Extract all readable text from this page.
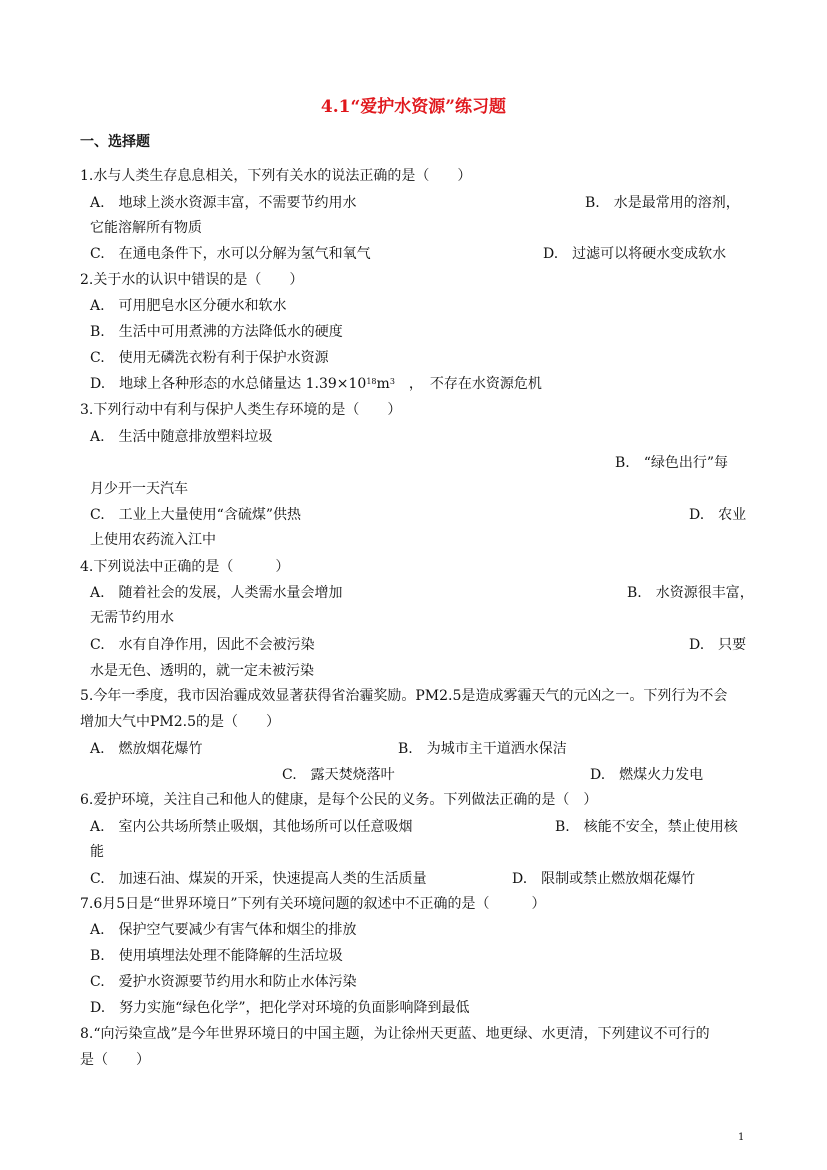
4.1“爱护水资源”练习题
一、选择题
1.水与人类生存息息相关，下列有关水的说法正确的是（　　）
A.　地球上淡水资源丰富，不需要节约用水	B.　水是最常用的溶剂，
它能溶解所有物质
C.　在通电条件下，水可以分解为氢气和氧气	D.　过滤可以将硬水变成软水
2.关于水的认识中错误的是（　　）
A.　可用肥皂水区分硬水和软水
B.　生活中可用煮沸的方法降低水的硬度
C.　使用无磷洗衣粉有利于保护水资源
D.　地球上各种形态的水总储量达 $1.39\times 10^{18}m^3$　，　不存在水资源危机
3.下列行动中有利与保护人类生存环境的是（　　）
A.　生活中随意排放塑料垃圾
B.　“绿色出行”每
月少开一天汽车
C.　工业上大量使用“含硫煤”供热	D.　农业
上使用农药流入江中
4.下列说法中正确的是（　　　）
A.　随着社会的发展，人类需水量会增加	B.　水资源很丰富，
无需节约用水
C.　水有自净作用，因此不会被污染	D.　只要
水是无色、透明的，就一定未被污染
5.今年一季度，我市因治霾成效显著获得省治霾奖励。PM2.5是造成雾霾天气的元凶之一。下列行为不会
增加大气中PM2.5的是（　　）
A.　燃放烟花爆竹	B.　为城市主干道洒水保洁
C.　露天焚烧落叶	D.　燃煤火力发电
6.爱护环境，关注自己和他人的健康，是每个公民的义务。下列做法正确的是（　）
A.　室内公共场所禁止吸烟，其他场所可以任意吸烟	B.　核能不安全，禁止使用核
能
C.　加速石油、煤炭的开采，快速提高人类的生活质量	D.　限制或禁止燃放烟花爆竹
7.6月5日是“世界环境日”下列有关环境问题的叙述中不正确的是（　　　）
A.　保护空气要减少有害气体和烟尘的排放
B.　使用填埋法处理不能降解的生活垃圾
C.　爱护水资源要节约用水和防止水体污染
D.　努力实施“绿色化学”，把化学对环境的负面影响降到最低
8.“向污染宣战”是今年世界环境日的中国主题，为让徐州天更蓝、地更绿、水更清，下列建议不可行的
是（　　）
1
